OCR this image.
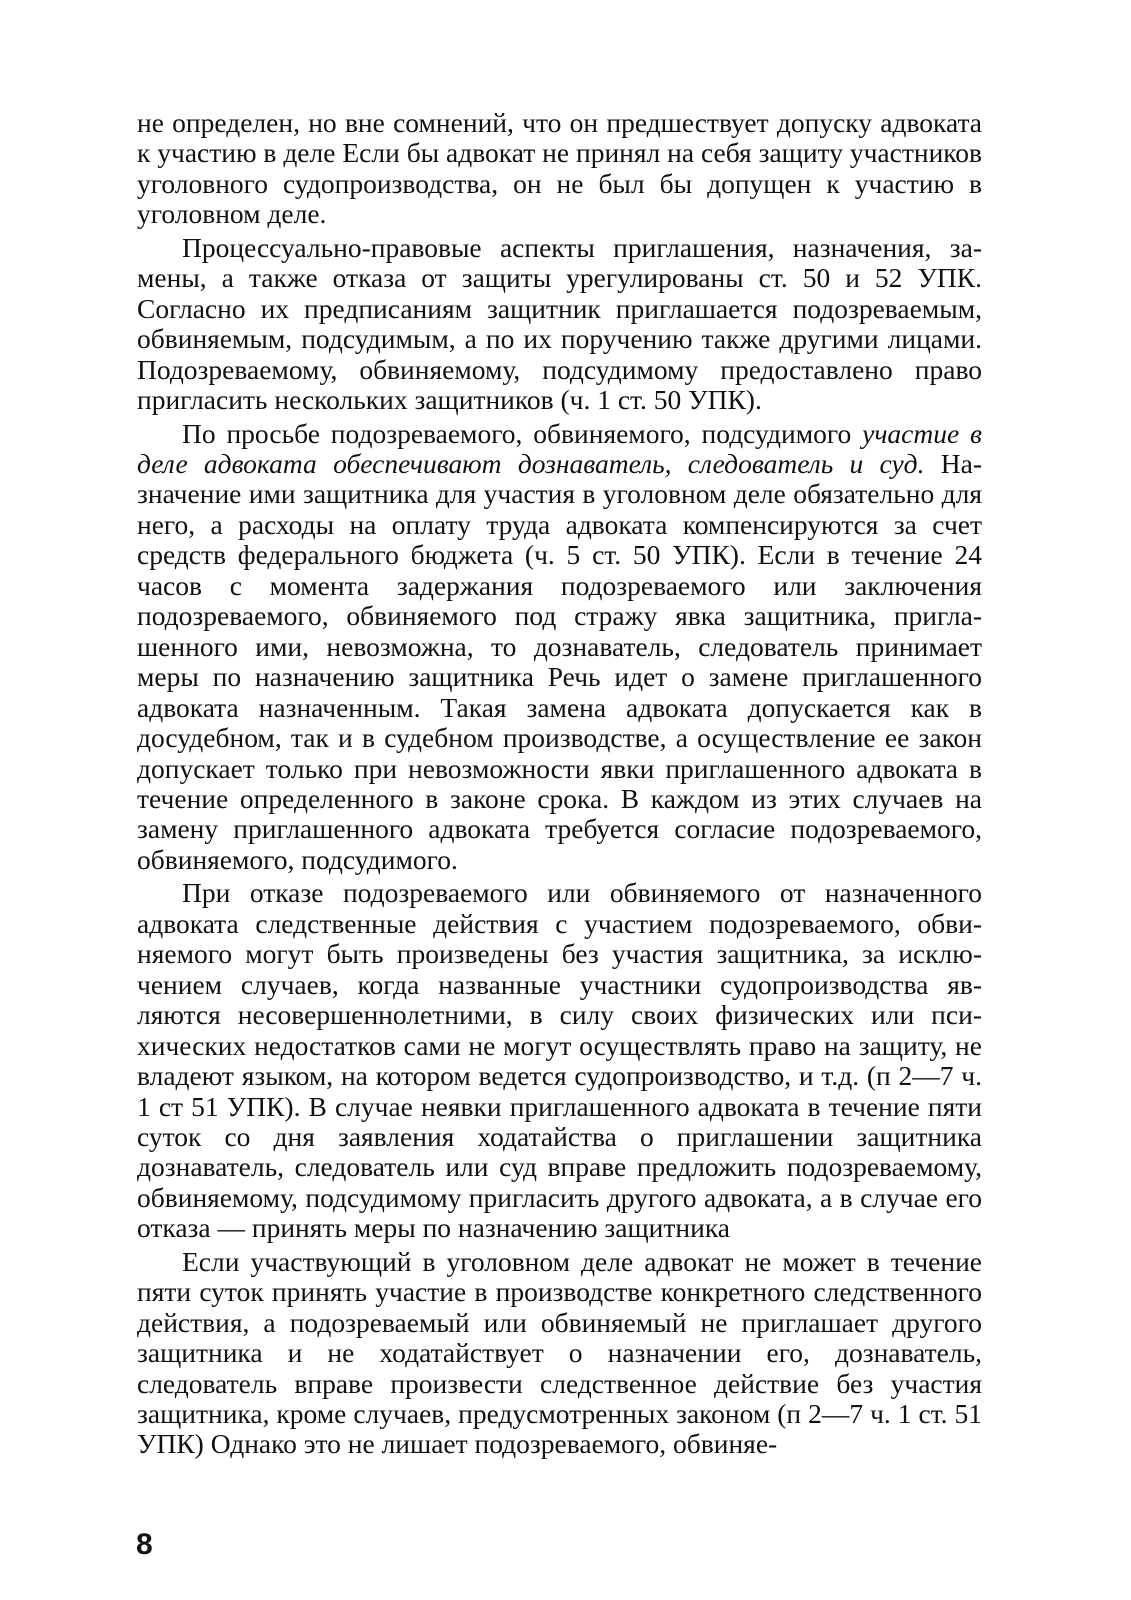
не определен, но вне сомнений, что он предшествует допуску адвоката к участию в деле Если бы адвокат не принял на себя защиту участников уголовного судопроизводства, он не был бы допущен к участию в уголовном деле.

Процессуально-правовые аспекты приглашения, назначения, замены, а также отказа от защиты урегулированы ст. 50 и 52 УПК. Согласно их предписаниям защитник приглашается подозреваемым, обвиняемым, подсудимым, а по их поручению также другими лицами. Подозреваемому, обвиняемому, подсудимому предоставлено право пригласить нескольких защитников (ч. 1 ст. 50 УПК).

По просьбе подозреваемого, обвиняемого, подсудимого участие в деле адвоката обеспечивают дознаватель, следователь и суд. Назначение ими защитника для участия в уголовном деле обязательно для него, а расходы на оплату труда адвоката компенсируются за счет средств федерального бюджета (ч. 5 ст. 50 УПК). Если в течение 24 часов с момента задержания подозреваемого или заключения подозреваемого, обвиняемого под стражу явка защитника, приглашенного ими, невозможна, то дознаватель, следователь принимает меры по назначению защитника Речь идет о замене приглашенного адвоката назначенным. Такая замена адвоката допускается как в досудебном, так и в судебном производстве, а осуществление ее закон допускает только при невозможности явки приглашенного адвоката в течение определенного в законе срока. В каждом из этих случаев на замену приглашенного адвоката требуется согласие подозреваемого, обвиняемого, подсудимого.

При отказе подозреваемого или обвиняемого от назначенного адвоката следственные действия с участием подозреваемого, обвиняемого могут быть произведены без участия защитника, за исключением случаев, когда названные участники судопроизводства являются несовершеннолетними, в силу своих физических или психических недостатков сами не могут осуществлять право на защиту, не владеют языком, на котором ведется судопроизводство, и т.д. (п 2—7 ч. 1 ст 51 УПК). В случае неявки приглашенного адвоката в течение пяти суток со дня заявления ходатайства о приглашении защитника дознаватель, следователь или суд вправе предложить подозреваемому, обвиняемому, подсудимому пригласить другого адвоката, а в случае его отказа — принять меры по назначению защитника

Если участвующий в уголовном деле адвокат не может в течение пяти суток принять участие в производстве конкретного следственного действия, а подозреваемый или обвиняемый не приглашает другого защитника и не ходатайствует о назначении его, дознаватель, следователь вправе произвести следственное действие без участия защитника, кроме случаев, предусмотренных законом (п 2—7 ч. 1 ст. 51 УПК) Однако это не лишает подозреваемого, обвиняе-

8
